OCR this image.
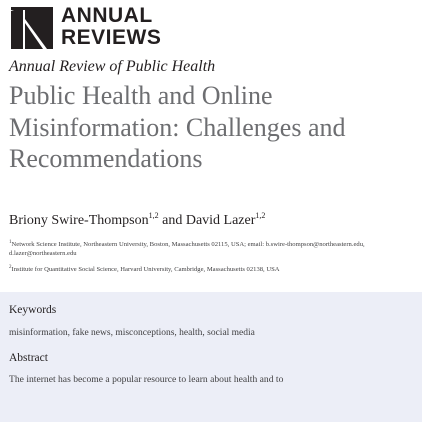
ANNUAL
REVIEWS
Annual Review of Public Health
Public Health and Online Misinformation: Challenges and Recommendations
Briony Swire-Thompson$^{1,2}$ and David Lazer$^{1,2}$
$^1$Network Science Institute, Northeastern University, Boston, Massachusetts 02115, USA; email: b.swire-thompson@northeastern.edu, d.lazer@northeastern.edu
$^2$Institute for Quantitative Social Science, Harvard University, Cambridge, Massachusetts 02138, USA
Keywords
misinformation, fake news, misconceptions, health, social media
Abstract
The internet has become a popular resource to learn about health and to
